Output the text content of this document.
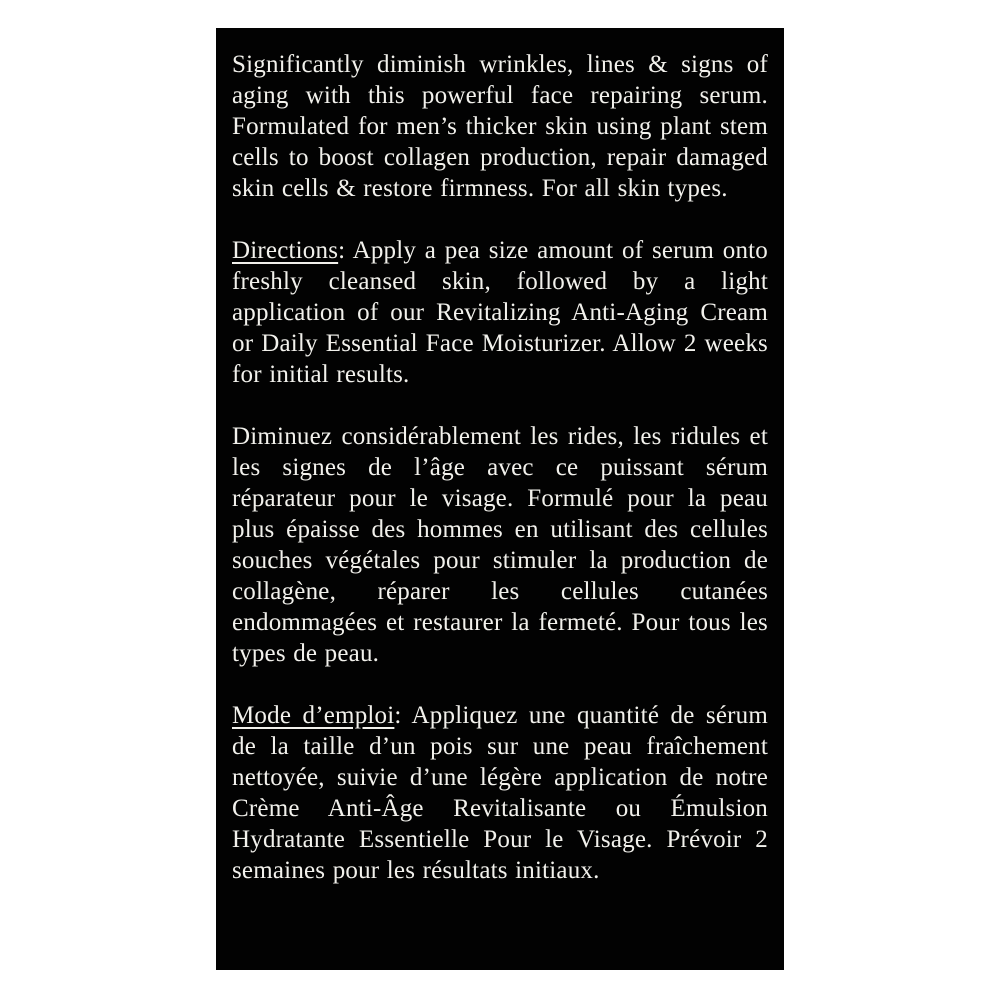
Significantly diminish wrinkles, lines & signs of aging with this powerful face repairing serum. Formulated for men’s thicker skin using plant stem cells to boost collagen production, repair damaged skin cells & restore firmness. For all skin types.

Directions: Apply a pea size amount of serum onto freshly cleansed skin, followed by a light application of our Revitalizing Anti-Aging Cream or Daily Essential Face Moisturizer. Allow 2 weeks for initial results.

Diminuez considérablement les rides, les ridules et les signes de l’âge avec ce puissant sérum réparateur pour le visage. Formulé pour la peau plus épaisse des hommes en utilisant des cellules souches végétales pour stimuler la production de collagène, réparer les cellules cutanées endommagées et restaurer la fermeté. Pour tous les types de peau.

Mode d’emploi: Appliquez une quantité de sérum de la taille d’un pois sur une peau fraîchement nettoyée, suivie d’une légère application de notre Crème Anti-Âge Revitalisante ou Émulsion Hydratante Essentielle Pour le Visage. Prévoir 2 semaines pour les résultats initiaux.
